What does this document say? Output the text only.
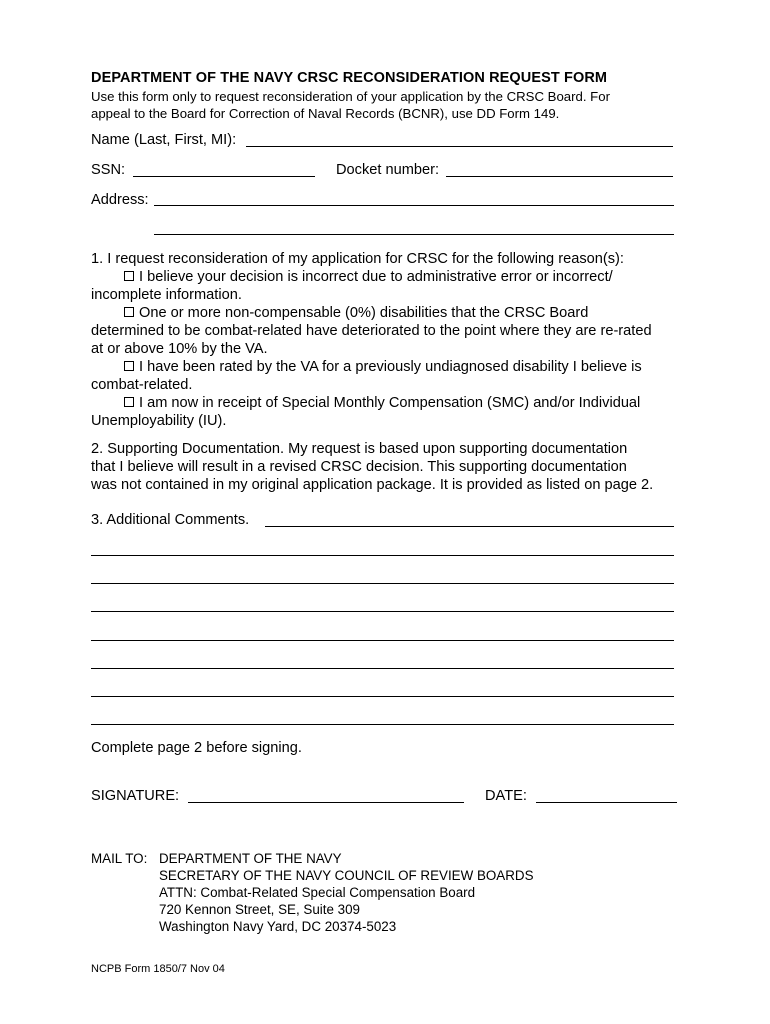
DEPARTMENT OF THE NAVY CRSC RECONSIDERATION REQUEST FORM
Use this form only to request reconsideration of your application by the CRSC Board. For
appeal to the Board for Correction of Naval Records (BCNR), use DD Form 149.
Name (Last, First, MI):
SSN:	Docket number:
Address:
1. I request reconsideration of my application for CRSC for the following reason(s):
I believe your decision is incorrect due to administrative error or incorrect/
incomplete information.
One or more non-compensable (0%) disabilities that the CRSC Board
determined to be combat-related have deteriorated to the point where they are re-rated
at or above 10% by the VA.
I have been rated by the VA for a previously undiagnosed disability I believe is
combat-related.
I am now in receipt of Special Monthly Compensation (SMC) and/or Individual
Unemployability (IU).
2. Supporting Documentation. My request is based upon supporting documentation
that I believe will result in a revised CRSC decision. This supporting documentation
was not contained in my original application package. It is provided as listed on page 2.
3. Additional Comments.
Complete page 2 before signing.
SIGNATURE:	DATE:
MAIL TO: DEPARTMENT OF THE NAVY
SECRETARY OF THE NAVY COUNCIL OF REVIEW BOARDS
ATTN: Combat-Related Special Compensation Board
720 Kennon Street, SE, Suite 309
Washington Navy Yard, DC 20374-5023
NCPB Form 1850/7 Nov 04
